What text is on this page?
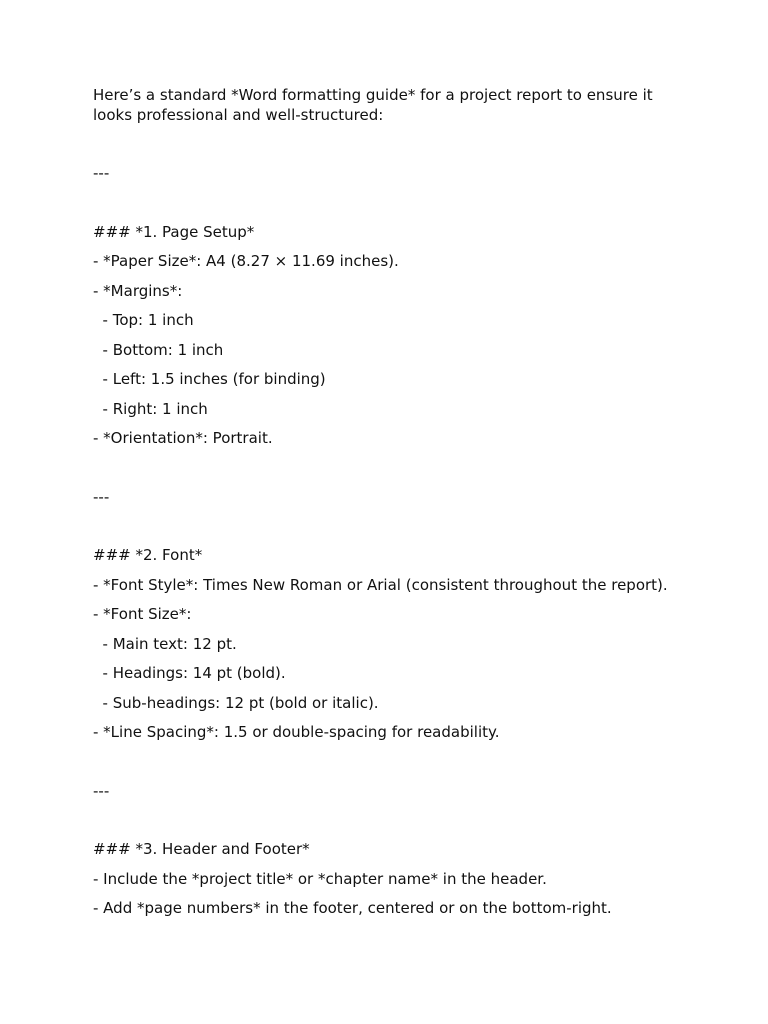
Here’s a standard *Word formatting guide* for a project report to ensure it looks professional and well-structured:

---

### *1. Page Setup*

- *Paper Size*: A4 (8.27 × 11.69 inches).

- *Margins*:

- Top: 1 inch

- Bottom: 1 inch

- Left: 1.5 inches (for binding)

- Right: 1 inch

- *Orientation*: Portrait.

---

### *2. Font*

- *Font Style*: Times New Roman or Arial (consistent throughout the report).

- *Font Size*:

- Main text: 12 pt.

- Headings: 14 pt (bold).

- Sub-headings: 12 pt (bold or italic).

- *Line Spacing*: 1.5 or double-spacing for readability.

---

### *3. Header and Footer*

- Include the *project title* or *chapter name* in the header.

- Add *page numbers* in the footer, centered or on the bottom-right.
